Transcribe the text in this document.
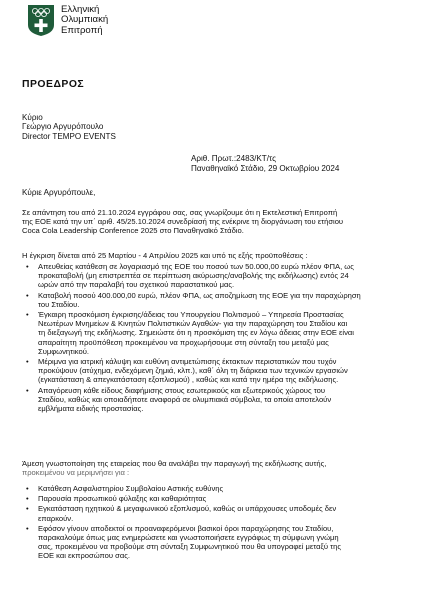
Ελληνική
Ολυμπιακή
Επιτροπή
ΠΡΟΕΔΡΟΣ
Κύριο
Γεώργιο Αργυρόπουλο
Director TEMPO EVENTS
Αριθ. Πρωτ.:2483/ΚΤ/τς
Παναθηναϊκό Στάδιο, 29 Οκτωβρίου 2024
Κύριε Αργυρόπουλε,
Σε απάντηση του από 21.10.2024 εγγράφου σας, σας γνωρίζουμε ότι η Εκτελεστική Επιτροπή
της ΕΟΕ κατά την υπ΄ αριθ. 45/25.10.2024 συνεδρίασή της ενέκρινε τη διοργάνωση του ετήσιου
Coca Cola Leadership Conference 2025 στο Παναθηναϊκό Στάδιο.
Η έγκριση δίνεται από 25 Μαρτίου - 4 Απριλίου 2025 και υπό τις εξής προϋποθέσεις :
• Απευθείας κατάθεση σε λογαριασμό της ΕΟΕ του ποσού των 50.000,00 ευρώ πλέον ΦΠΑ, ως
προκαταβολή (μη επιστρεπτέα σε περίπτωση ακύρωσης/αναβολής της εκδήλωσης) εντός 24
ωρών από την παραλαβή του σχετικού παραστατικού μας.
• Καταβολή ποσού 400.000,00 ευρώ, πλέον ΦΠΑ, ως αποζημίωση της ΕΟΕ για την παραχώρηση
του Σταδίου.
• Έγκαιρη προσκόμιση έγκρισης/άδειας του Υπουργείου Πολιτισμού – Υπηρεσία Προστασίας
Νεωτέρων Μνημείων & Κινητών Πολιτιστικών Αγαθών- για την παραχώρηση του Σταδίου και
τη διεξαγωγή της εκδήλωσης. Σημειώστε ότι η προσκόμιση της εν λόγω άδειας στην ΕΟΕ είναι
απαραίτητη προϋπόθεση προκειμένου να προχωρήσουμε στη σύνταξη του μεταξύ μας
Συμφωνητικού.
• Μέριμνα για ιατρική κάλυψη και ευθύνη αντιμετώπισης έκτακτων περιστατικών που τυχόν
προκύψουν (ατύχημα, ενδεχόμενη ζημιά, κλπ.), καθ΄ όλη τη διάρκεια των τεχνικών εργασιών
(εγκατάσταση & απεγκατάσταση εξοπλισμού) , καθώς και κατά την ημέρα της εκδήλωσης.
• Απαγόρευση κάθε είδους διαφήμισης στους εσωτερικούς και εξωτερικούς χώρους του
Σταδίου, καθώς και οποιαδήποτε αναφορά σε ολυμπιακά σύμβολα, τα οποία αποτελούν
εμβλήματα ειδικής προστασίας.
Άμεση γνωστοποίηση της εταιρείας που θα αναλάβει την παραγωγή της εκδήλωσης αυτής,
προκειμένου να μεριμνήσει για :
• Κατάθεση Ασφαλιστηρίου Συμβολαίου Αστικής ευθύνης
• Παρουσία προσωπικού φύλαξης και καθαριότητας
• Εγκατάσταση ηχητικού & μεγαφωνικού εξοπλισμού, καθώς οι υπάρχουσες υποδομές δεν
επαρκούν.
• Εφόσον γίνουν αποδεκτοί οι προαναφερόμενοι βασικοί όροι παραχώρησης του Σταδίου,
παρακαλούμε όπως μας ενημερώσετε και γνωστοποιήσετε εγγράφως τη σύμφωνη γνώμη
σας, προκειμένου να προβούμε στη σύνταξη Συμφωνητικού που θα υπογραφεί μεταξύ της
ΕΟΕ και εκπροσώπου σας.
